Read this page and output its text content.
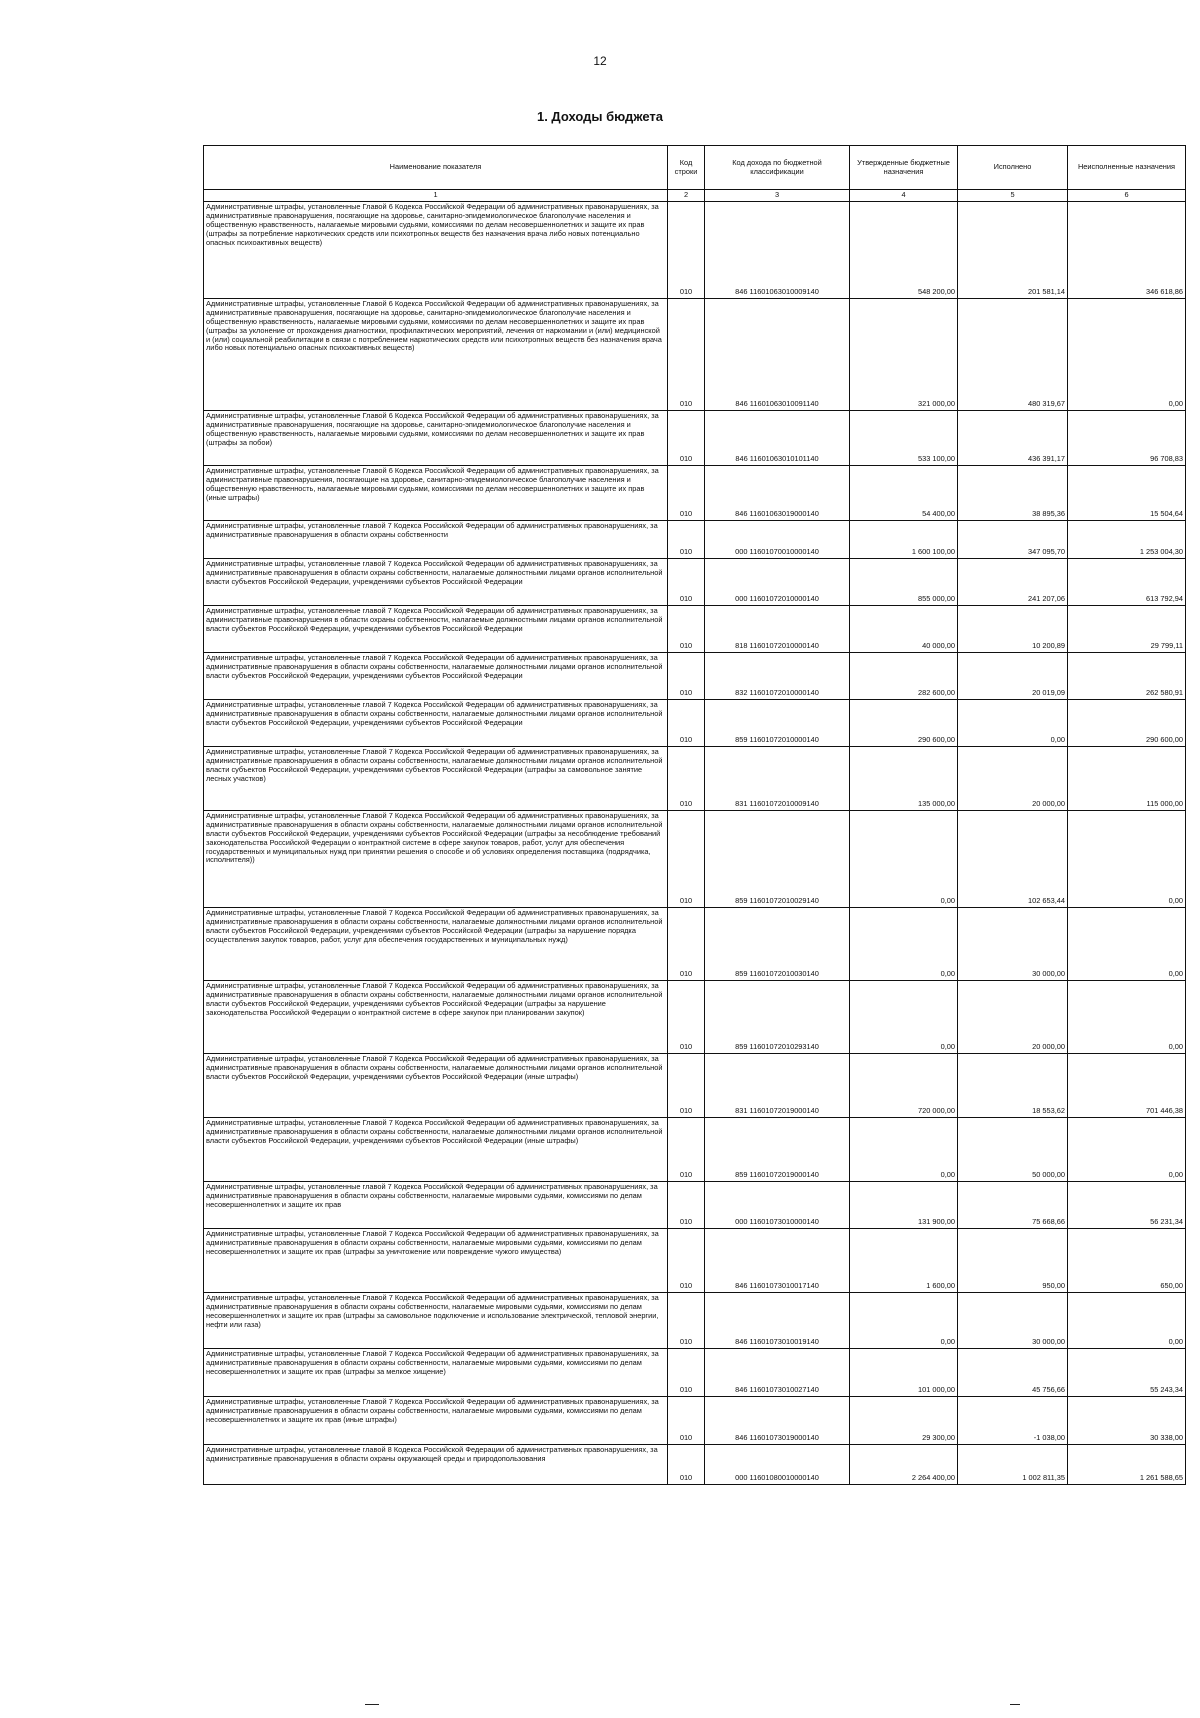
12
1. Доходы бюджета
Наименование показателя	Код строки	Код дохода по бюджетной классификации	Утвержденные бюджетные назначения	Исполнено	Неисполненные назначения
1	2	3	4	5	6
Административные штрафы, установленные Главой 6 Кодекса Российской Федерации об административных правонарушениях, за административные правонарушения, посягающие на здоровье, санитарно-эпидемиологическое благополучие населения и общественную нравственность, налагаемые мировыми судьями, комиссиями по делам несовершеннолетних и защите их прав (штрафы за потребление наркотических средств или психотропных веществ без назначения врача либо новых потенциально опасных психоактивных веществ)	010	846 11601063010009140	548 200,00	201 581,14	346 618,86
Административные штрафы, установленные Главой 6 Кодекса Российской Федерации об административных правонарушениях, за административные правонарушения, посягающие на здоровье, санитарно-эпидемиологическое благополучие населения и общественную нравственность, налагаемые мировыми судьями, комиссиями по делам несовершеннолетних и защите их прав (штрафы за уклонение от прохождения диагностики, профилактических мероприятий, лечения от наркомании и (или) медицинской и (или) социальной реабилитации в связи с потреблением наркотических средств или психотропных веществ без назначения врача либо новых потенциально опасных психоактивных веществ)	010	846 11601063010091140	321 000,00	480 319,67	0,00
Административные штрафы, установленные Главой 6 Кодекса Российской Федерации об административных правонарушениях, за административные правонарушения, посягающие на здоровье, санитарно-эпидемиологическое благополучие населения и общественную нравственность, налагаемые мировыми судьями, комиссиями по делам несовершеннолетних и защите их прав (штрафы за побои)	010	846 11601063010101140	533 100,00	436 391,17	96 708,83
Административные штрафы, установленные Главой 6 Кодекса Российской Федерации об административных правонарушениях, за административные правонарушения, посягающие на здоровье, санитарно-эпидемиологическое благополучие населения и общественную нравственность, налагаемые мировыми судьями, комиссиями по делам несовершеннолетних и защите их прав (иные штрафы)	010	846 11601063019000140	54 400,00	38 895,36	15 504,64
Административные штрафы, установленные главой 7 Кодекса Российской Федерации об административных правонарушениях, за административные правонарушения в области охраны собственности	010	000 11601070010000140	1 600 100,00	347 095,70	1 253 004,30
Административные штрафы, установленные главой 7 Кодекса Российской Федерации об административных правонарушениях, за административные правонарушения в области охраны собственности, налагаемые должностными лицами органов исполнительной власти субъектов Российской Федерации, учреждениями субъектов Российской Федерации	010	000 11601072010000140	855 000,00	241 207,06	613 792,94
Административные штрафы, установленные главой 7 Кодекса Российской Федерации об административных правонарушениях, за административные правонарушения в области охраны собственности, налагаемые должностными лицами органов исполнительной власти субъектов Российской Федерации, учреждениями субъектов Российской Федерации	010	818 11601072010000140	40 000,00	10 200,89	29 799,11
Административные штрафы, установленные главой 7 Кодекса Российской Федерации об административных правонарушениях, за административные правонарушения в области охраны собственности, налагаемые должностными лицами органов исполнительной власти субъектов Российской Федерации, учреждениями субъектов Российской Федерации	010	832 11601072010000140	282 600,00	20 019,09	262 580,91
Административные штрафы, установленные главой 7 Кодекса Российской Федерации об административных правонарушениях, за административные правонарушения в области охраны собственности, налагаемые должностными лицами органов исполнительной власти субъектов Российской Федерации, учреждениями субъектов Российской Федерации	010	859 11601072010000140	290 600,00	0,00	290 600,00
Административные штрафы, установленные Главой 7 Кодекса Российской Федерации об административных правонарушениях, за административные правонарушения в области охраны собственности, налагаемые должностными лицами органов исполнительной власти субъектов Российской Федерации, учреждениями субъектов Российской Федерации (штрафы за самовольное занятие лесных участков)	010	831 11601072010009140	135 000,00	20 000,00	115 000,00
Административные штрафы, установленные Главой 7 Кодекса Российской Федерации об административных правонарушениях, за административные правонарушения в области охраны собственности, налагаемые должностными лицами органов исполнительной власти субъектов Российской Федерации, учреждениями субъектов Российской Федерации (штрафы за несоблюдение требований законодательства Российской Федерации о контрактной системе в сфере закупок товаров, работ, услуг для обеспечения государственных и муниципальных нужд при принятии решения о способе и об условиях определения поставщика (подрядчика, исполнителя))	010	859 11601072010029140	0,00	102 653,44	0,00
Административные штрафы, установленные Главой 7 Кодекса Российской Федерации об административных правонарушениях, за административные правонарушения в области охраны собственности, налагаемые должностными лицами органов исполнительной власти субъектов Российской Федерации, учреждениями субъектов Российской Федерации (штрафы за нарушение порядка осуществления закупок товаров, работ, услуг для обеспечения государственных и муниципальных нужд)	010	859 11601072010030140	0,00	30 000,00	0,00
Административные штрафы, установленные Главой 7 Кодекса Российской Федерации об административных правонарушениях, за административные правонарушения в области охраны собственности, налагаемые должностными лицами органов исполнительной власти субъектов Российской Федерации, учреждениями субъектов Российской Федерации (штрафы за нарушение законодательства Российской Федерации о контрактной системе в сфере закупок при планировании закупок)	010	859 11601072010293140	0,00	20 000,00	0,00
Административные штрафы, установленные Главой 7 Кодекса Российской Федерации об административных правонарушениях, за административные правонарушения в области охраны собственности, налагаемые должностными лицами органов исполнительной власти субъектов Российской Федерации, учреждениями субъектов Российской Федерации (иные штрафы)	010	831 11601072019000140	720 000,00	18 553,62	701 446,38
Административные штрафы, установленные Главой 7 Кодекса Российской Федерации об административных правонарушениях, за административные правонарушения в области охраны собственности, налагаемые должностными лицами органов исполнительной власти субъектов Российской Федерации, учреждениями субъектов Российской Федерации (иные штрафы)	010	859 11601072019000140	0,00	50 000,00	0,00
Административные штрафы, установленные главой 7 Кодекса Российской Федерации об административных правонарушениях, за административные правонарушения в области охраны собственности, налагаемые мировыми судьями, комиссиями по делам несовершеннолетних и защите их прав	010	000 11601073010000140	131 900,00	75 668,66	56 231,34
Административные штрафы, установленные Главой 7 Кодекса Российской Федерации об административных правонарушениях, за административные правонарушения в области охраны собственности, налагаемые мировыми судьями, комиссиями по делам несовершеннолетних и защите их прав (штрафы за уничтожение или повреждение чужого имущества)	010	846 11601073010017140	1 600,00	950,00	650,00
Административные штрафы, установленные Главой 7 Кодекса Российской Федерации об административных правонарушениях, за административные правонарушения в области охраны собственности, налагаемые мировыми судьями, комиссиями по делам несовершеннолетних и защите их прав (штрафы за самовольное подключение и использование электрической, тепловой энергии, нефти или газа)	010	846 11601073010019140	0,00	30 000,00	0,00
Административные штрафы, установленные Главой 7 Кодекса Российской Федерации об административных правонарушениях, за административные правонарушения в области охраны собственности, налагаемые мировыми судьями, комиссиями по делам несовершеннолетних и защите их прав (штрафы за мелкое хищение)	010	846 11601073010027140	101 000,00	45 756,66	55 243,34
Административные штрафы, установленные Главой 7 Кодекса Российской Федерации об административных правонарушениях, за административные правонарушения в области охраны собственности, налагаемые мировыми судьями, комиссиями по делам несовершеннолетних и защите их прав (иные штрафы)	010	846 11601073019000140	29 300,00	-1 038,00	30 338,00
Административные штрафы, установленные главой 8 Кодекса Российской Федерации об административных правонарушениях, за административные правонарушения в области охраны окружающей среды и природопользования	010	000 11601080010000140	2 264 400,00	1 002 811,35	1 261 588,65
